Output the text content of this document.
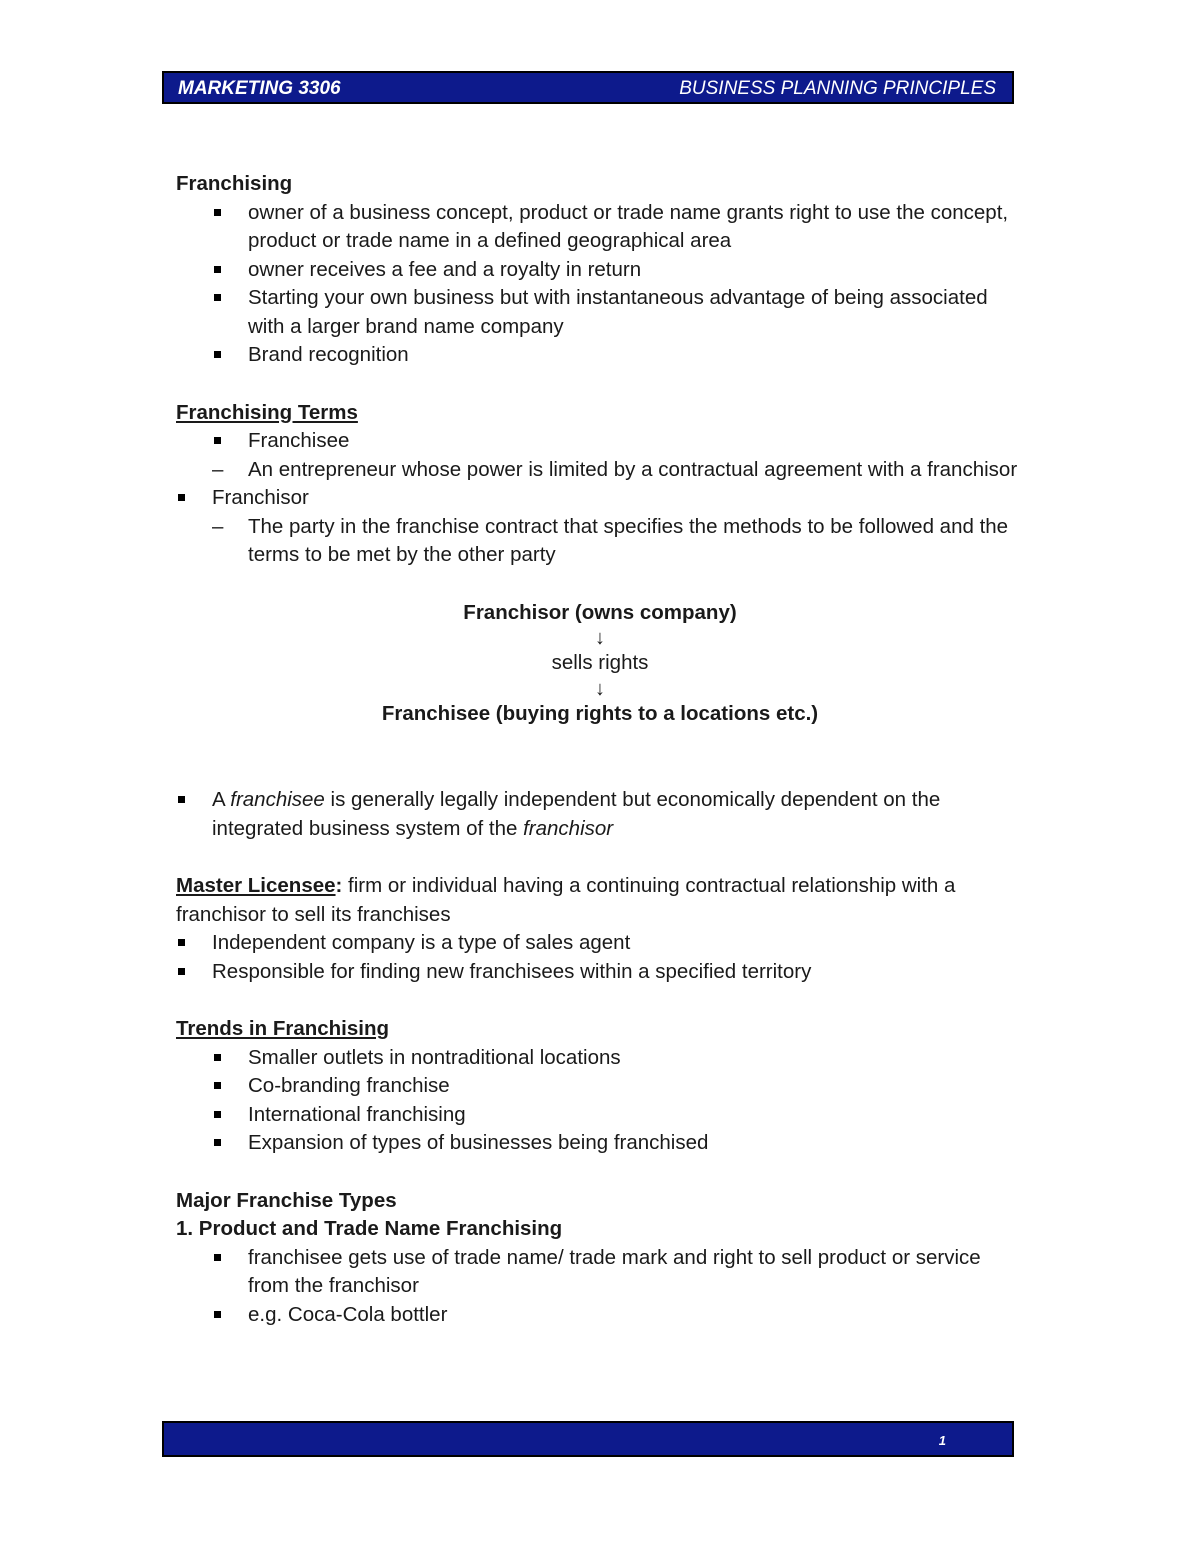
MARKETING 3306	BUSINESS PLANNING PRINCIPLES

Franchising

owner of a business concept, product or trade name grants right to use the concept, product or trade name in a defined geographical area
owner receives a fee and a royalty in return
Starting your own business but with instantaneous advantage of being associated with a larger brand name company
Brand recognition

Franchising Terms

Franchisee
– An entrepreneur whose power is limited by a contractual agreement with a franchisor
Franchisor
– The party in the franchise contract that specifies the methods to be followed and the terms to be met by the other party

Franchisor (owns company)

↓

sells rights

↓

Franchisee (buying rights to a locations etc.)

A franchisee is generally legally independent but economically dependent on the integrated business system of the franchisor

Master Licensee: firm or individual having a continuing contractual relationship with a franchisor to sell its franchises

Independent company is a type of sales agent
Responsible for finding new franchisees within a specified territory

Trends in Franchising

Smaller outlets in nontraditional locations
Co-branding franchise
International franchising
Expansion of types of businesses being franchised

Major Franchise Types

1. Product and Trade Name Franchising

franchisee gets use of trade name/ trade mark and right to sell product or service from the franchisor
e.g. Coca-Cola bottler
1
